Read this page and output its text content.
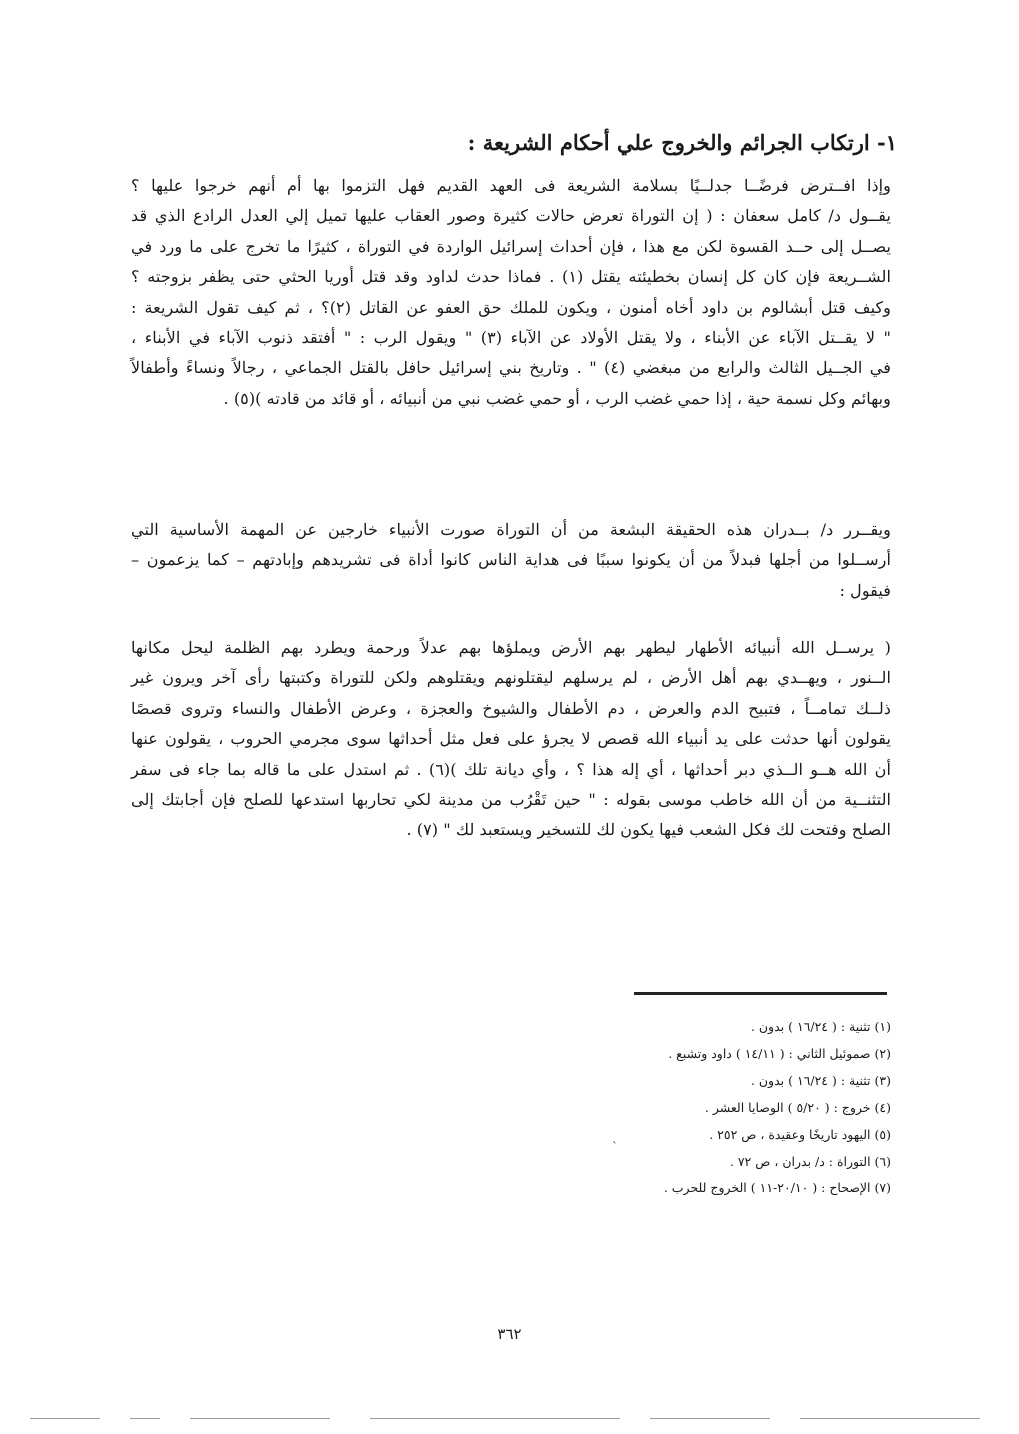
١- ارتكاب الجرائم والخروج علي أحكام الشريعة :
وإذا افــترض فرضًــا جدلــيًا بسلامة الشريعة فى العهد القديم فهل التزموا بها أم أنهم خرجوا عليها ؟
يقــول د/ كامل سعفان : ( إن التوراة تعرض حالات كثيرة وصور العقاب عليها تميل إلي العدل الرادع الذي قد
يصــل إلى حــد القسوة لكن مع هذا ، فإن أحداث إسرائيل الواردة في التوراة ، كثيرًا ما تخرج على ما ورد في
الشــريعة فإن كان كل إنسان بخطيئته يقتل (١) . فماذا حدث لداود وقد قتل أوريا الحثي حتى يظفر بزوجته ؟
وكيف قتل أبشالوم بن داود أخاه أمنون ، ويكون للملك حق العفو عن القاتل (٢)؟ ، ثم كيف تقول الشريعة :
" لا يقــتل الآباء عن الأبناء ، ولا يقتل الأولاد عن الآباء (٣) " ويقول الرب : " أفتقد ذنوب الآباء في الأبناء ،
في الجــيل الثالث والرابع من مبغضي (٤) " . وتاريخ بني إسرائيل حافل بالقتل الجماعي ، رجالاً ونساءً وأطفالاً
وبهائم وكل نسمة حية ، إذا حمي غضب الرب ، أو حمي غضب نبي من أنبيائه ، أو قائد من قادته )(٥) .
ويقــرر د/ بــدران هذه الحقيقة البشعة من أن التوراة صورت الأنبياء خارجين عن المهمة الأساسية التي
أرســلوا من أجلها فبدلاً من أن يكونوا سببًا فى هداية الناس كانوا أداة فى تشريدهم وإبادتهم – كما يزعمون –
فيقول :
( يرســل الله أنبيائه الأطهار ليطهر بهم الأرض ويملؤها بهم عدلاً ورحمة ويطرد بهم الظلمة ليحل مكانها
الــنور ، ويهــدي بهم أهل الأرض ، لم يرسلهم ليقتلونهم ويقتلوهم ولكن للتوراة وكتبتها رأى آخر ويرون غير
ذلــك تمامــاً ، فتبيح الدم والعرض ، دم الأطفال والشيوخ والعجزة ، وعرض الأطفال والنساء وتروى قصصًا
يقولون أنها حدثت على يد أنبياء الله قصص لا يجرؤ على فعل مثل أحداثها سوى مجرمي الحروب ، يقولون عنها
أن الله هــو الــذي دبر أحداثها ، أي إله هذا ؟ ، وأي ديانة تلك )(٦) . ثم استدل على ما قاله بما جاء فى سفر
التثنــية من أن الله خاطب موسى بقوله : " حين تَقْرُب من مدينة لكي تحاربها استدعها للصلح فإن أجابتك إلى
الصلح وفتحت لك فكل الشعب فيها يكون لك للتسخير ويستعبد لك " (٧) .
(١) تثنية : ( ١٦/٢٤ ) بدون .
(٢) صموئيل الثاني : ( ١٤/١١ ) داود وتشبع .
(٣) تثنية : ( ١٦/٢٤ ) بدون .
(٤) خروج : ( ٥/٢٠ ) الوصايا العشر .
(٥) اليهود تاريخًا وعقيدة ، ص ٢٥٢ .
(٦) التوراة : د/ بدران ، ص ٧٢ .
(٧) الإصحاح : ( ٢٠/١٠-١١ ) الخروج للحرب .
`
٣٦٢
